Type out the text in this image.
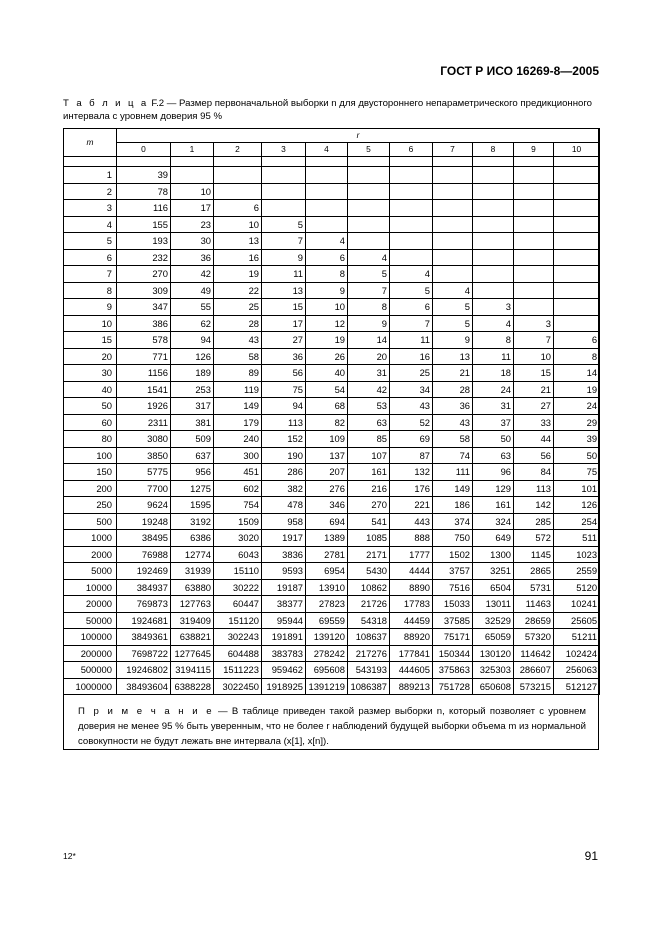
ГОСТ Р ИСО 16269-8—2005
Т а б л и ц а F.2 — Размер первоначальной выборки n для двустороннего непараметрического предикционного интервала с уровнем доверия 95 %
m	r										
	0	1	2	3	4	5	6	7	8	9	10

1	39										
2	78	10									
3	116	17	6								
4	155	23	10	5							
5	193	30	13	7	4						
6	232	36	16	9	6	4					
7	270	42	19	11	8	5	4				
8	309	49	22	13	9	7	5	4			
9	347	55	25	15	10	8	6	5	3		
10	386	62	28	17	12	9	7	5	4	3	
15	578	94	43	27	19	14	11	9	8	7	6
20	771	126	58	36	26	20	16	13	11	10	8
30	1156	189	89	56	40	31	25	21	18	15	14
40	1541	253	119	75	54	42	34	28	24	21	19
50	1926	317	149	94	68	53	43	36	31	27	24
60	2311	381	179	113	82	63	52	43	37	33	29
80	3080	509	240	152	109	85	69	58	50	44	39
100	3850	637	300	190	137	107	87	74	63	56	50
150	5775	956	451	286	207	161	132	111	96	84	75
200	7700	1275	602	382	276	216	176	149	129	113	101
250	9624	1595	754	478	346	270	221	186	161	142	126
500	19248	3192	1509	958	694	541	443	374	324	285	254
1000	38495	6386	3020	1917	1389	1085	888	750	649	572	511
2000	76988	12774	6043	3836	2781	2171	1777	1502	1300	1145	1023
5000	192469	31939	15110	9593	6954	5430	4444	3757	3251	2865	2559
10000	384937	63880	30222	19187	13910	10862	8890	7516	6504	5731	5120
20000	769873	127763	60447	38377	27823	21726	17783	15033	13011	11463	10241
50000	1924681	319409	151120	95944	69559	54318	44459	37585	32529	28659	25605
100000	3849361	638821	302243	191891	139120	108637	88920	75171	65059	57320	51211
200000	7698722	1277645	604488	383783	278242	217276	177841	150344	130120	114642	102424
500000	19246802	3194115	1511223	959462	695608	543193	444605	375863	325303	286607	256063
1000000	38493604	6388228	3022450	1918925	1391219	1086387	889213	751728	650608	573215	512127
П р и м е ч а н и е — В таблице приведен такой размер выборки n, который позволяет с уровнем доверия не менее 95 % быть уверенным, что не более r наблюдений будущей выборки объема m из нормальной совокупности не будут лежать вне интервала (x[1], x[n]).
12*	91
